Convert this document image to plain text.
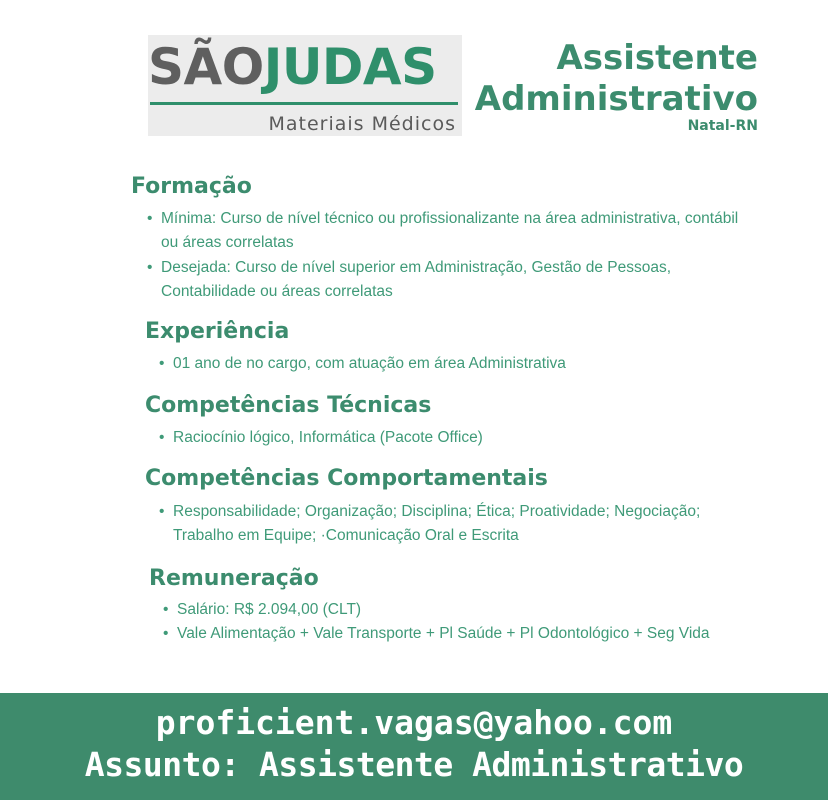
SÃOJUDAS
Materiais Médicos
Assistente
Administrativo
Natal-RN
Formação
• Mínima: Curso de nível técnico ou profissionalizante na área administrativa, contábil ou áreas correlatas
• Desejada: Curso de nível superior em Administração, Gestão de Pessoas, Contabilidade ou áreas correlatas
Experiência
• 01 ano de no cargo, com atuação em área Administrativa
Competências Técnicas
• Raciocínio lógico, Informática (Pacote Office)
Competências Comportamentais
• Responsabilidade; Organização; Disciplina; Ética; Proatividade; Negociação; Trabalho em Equipe; ·Comunicação Oral e Escrita
Remuneração
• Salário: R$ 2.094,00 (CLT)
• Vale Alimentação + Vale Transporte + Pl Saúde + Pl Odontológico + Seg Vida
proficient.vagas@yahoo.com
Assunto: Assistente Administrativo
